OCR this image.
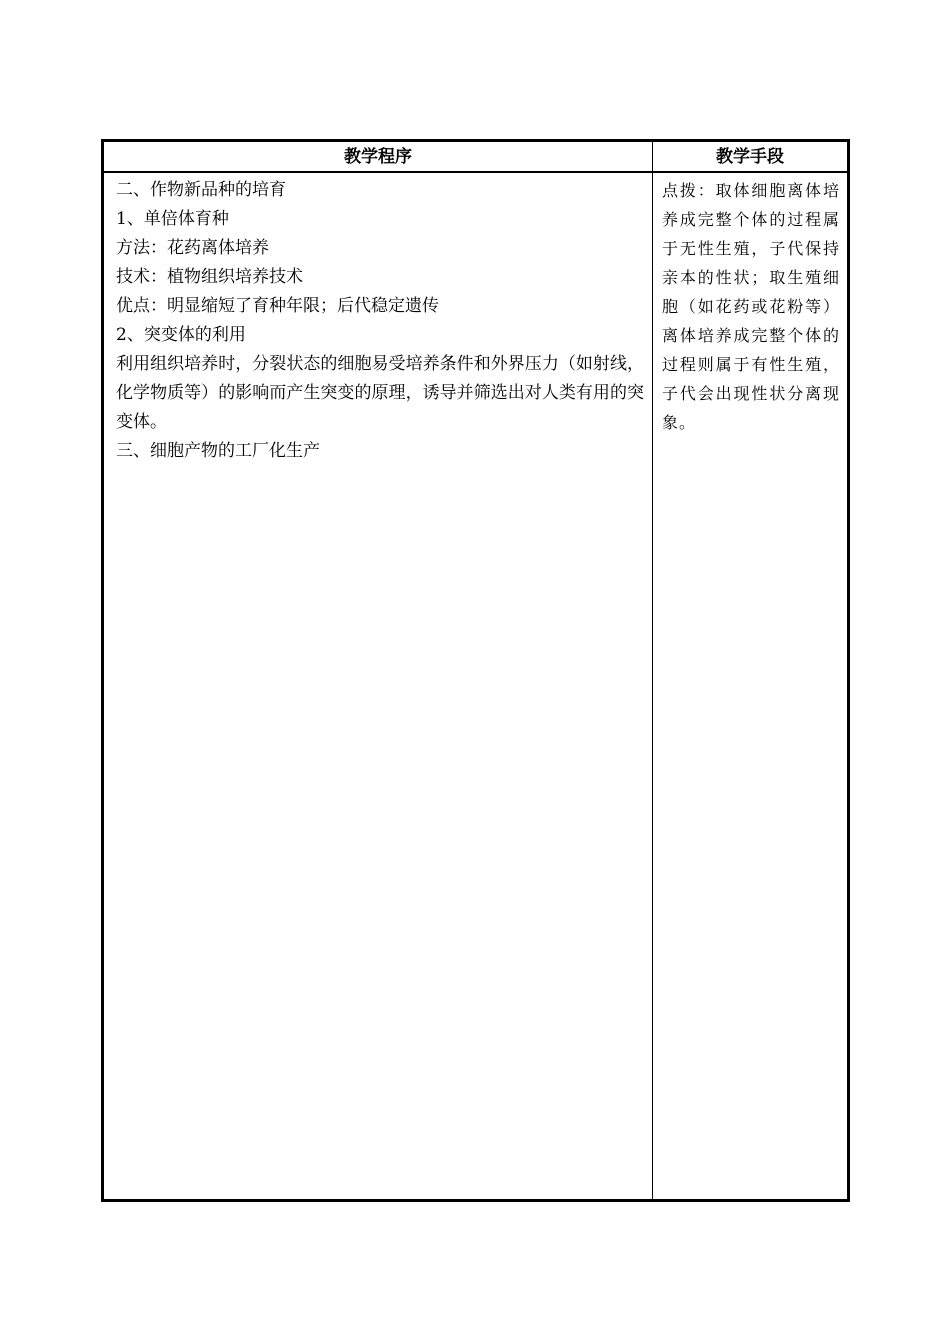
教学程序	教学手段
二、作物新品种的培育
1、单倍体育种
方法：花药离体培养
技术：植物组织培养技术
优点：明显缩短了育种年限；后代稳定遗传
2、突变体的利用
利用组织培养时，分裂状态的细胞易受培养条件和外界压力（如射线，化学物质等）的影响而产生突变的原理，诱导并筛选出对人类有用的突变体。
三、细胞产物的工厂化生产
点拨：取体细胞离体培养成完整个体的过程属于无性生殖，子代保持亲本的性状；取生殖细胞（如花药或花粉等）离体培养成完整个体的过程则属于有性生殖，子代会出现性状分离现象。
